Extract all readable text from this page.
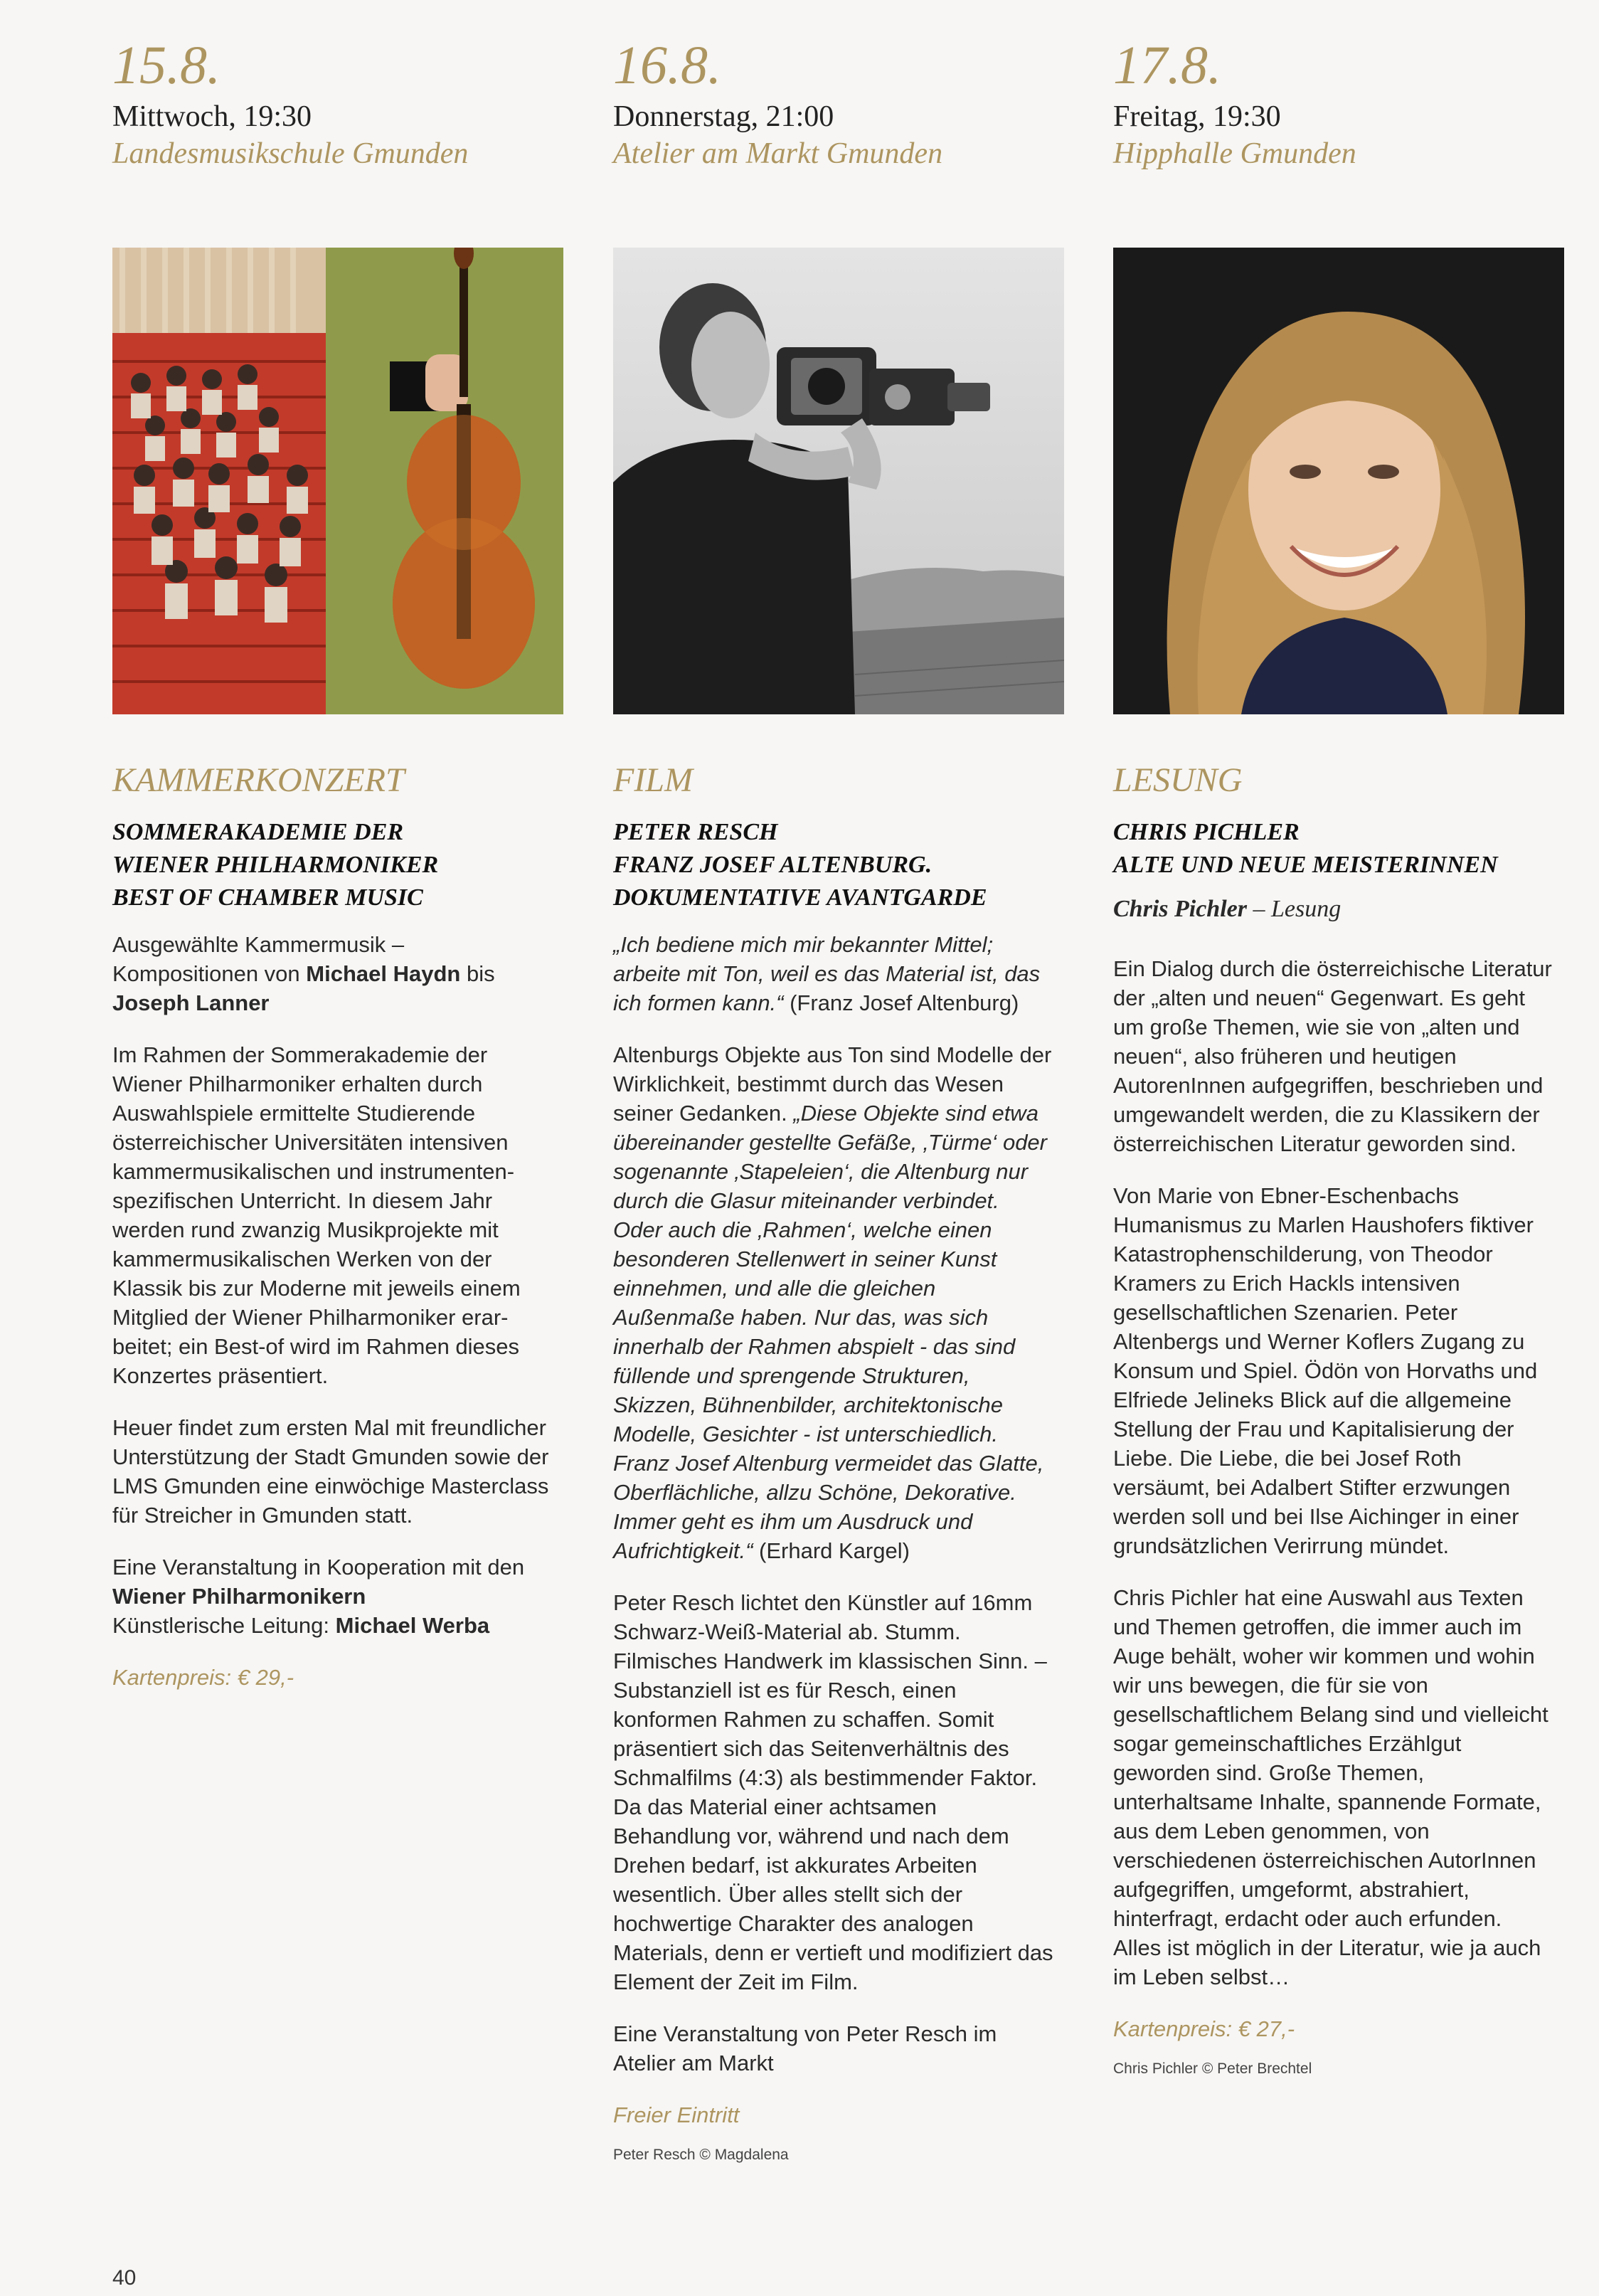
15.8.
Mittwoch, 19:30
Landesmusikschule Gmunden
KAMMERKONZERT
SOMMERAKADEMIE DER
WIENER PHILHARMONIKER
BEST OF CHAMBER MUSIC

Ausgewählte Kammermusik – Kompositionen von Michael Haydn bis Joseph Lanner

Im Rahmen der Sommerakademie der Wiener Philharmoniker erhalten durch Auswahlspiele ermittelte Studierende österreichischer Universitäten intensiven kammermusikalischen und instrumentenspezifischen Unterricht. In diesem Jahr werden rund zwanzig Musikprojekte mit kammermusikalischen Werken von der Klassik bis zur Moderne mit jeweils einem Mitglied der Wiener Philharmoniker erarbeitet; ein Best-of wird im Rahmen dieses Konzertes präsentiert.

Heuer findet zum ersten Mal mit freundlicher Unterstützung der Stadt Gmunden sowie der LMS Gmunden eine einwöchige Masterclass für Streicher in Gmunden statt.

Eine Veranstaltung in Kooperation mit den Wiener Philharmonikern
Künstlerische Leitung: Michael Werba

Kartenpreis: € 29,-
16.8.
Donnerstag, 21:00
Atelier am Markt Gmunden
FILM
PETER RESCH
FRANZ JOSEF ALTENBURG.
DOKUMENTATIVE AVANTGARDE

„Ich bediene mich mir bekannter Mittel; arbeite mit Ton, weil es das Material ist, das ich formen kann.“ (Franz Josef Altenburg)

Altenburgs Objekte aus Ton sind Modelle der Wirklichkeit, bestimmt durch das Wesen seiner Gedanken. „Diese Objekte sind etwa übereinander gestellte Gefäße, ‚Türme‘ oder sogenannte ‚Stapeleien‘, die Altenburg nur durch die Glasur miteinander verbindet. Oder auch die ‚Rahmen‘, welche einen besonderen Stellenwert in seiner Kunst einnehmen, und alle die gleichen Außenmaße haben. Nur das, was sich innerhalb der Rahmen abspielt - das sind füllende und sprengende Strukturen, Skizzen, Bühnenbilder, architektonische Modelle, Gesichter - ist unterschiedlich. Franz Josef Altenburg vermeidet das Glatte, Oberflächliche, allzu Schöne, Dekorative. Immer geht es ihm um Ausdruck und Aufrichtigkeit.“ (Erhard Kargel)

Peter Resch lichtet den Künstler auf 16mm Schwarz-Weiß-Material ab. Stumm. Filmisches Handwerk im klassischen Sinn. – Substanziell ist es für Resch, einen konformen Rahmen zu schaffen. Somit präsentiert sich das Seitenverhältnis des Schmalfilms (4:3) als bestimmender Faktor. Da das Material einer achtsamen Behandlung vor, während und nach dem Drehen bedarf, ist akkurates Arbeiten wesentlich. Über alles stellt sich der hochwertige Charakter des analogen Materials, denn er vertieft und modifiziert das Element der Zeit im Film.

Eine Veranstaltung von Peter Resch im Atelier am Markt

Freier Eintritt
Peter Resch © Magdalena
17.8.
Freitag, 19:30
Hipphalle Gmunden
LESUNG
CHRIS PICHLER
ALTE UND NEUE MEISTERINNEN
Chris Pichler – Lesung

Ein Dialog durch die österreichische Literatur der „alten und neuen“ Gegenwart. Es geht um große Themen, wie sie von „alten und neuen“, also früheren und heutigen AutorenInnen aufgegriffen, beschrieben und umgewandelt werden, die zu Klassikern der österreichischen Literatur geworden sind.

Von Marie von Ebner-Eschenbachs Humanismus zu Marlen Haushofers fiktiver Katastrophenschilderung, von Theodor Kramers zu Erich Hackls intensiven gesellschaftlichen Szenarien. Peter Altenbergs und Werner Koflers Zugang zu Konsum und Spiel. Ödön von Horvaths und Elfriede Jelineks Blick auf die allgemeine Stellung der Frau und Kapitalisierung der Liebe. Die Liebe, die bei Josef Roth versäumt, bei Adalbert Stifter erzwungen werden soll und bei Ilse Aichinger in einer grundsätzlichen Verirrung mündet.

Chris Pichler hat eine Auswahl aus Texten und Themen getroffen, die immer auch im Auge behält, woher wir kommen und wohin wir uns bewegen, die für sie von gesellschaftlichem Belang sind und vielleicht sogar gemeinschaftliches Erzählgut geworden sind. Große Themen, unterhaltsame Inhalte, spannende Formate, aus dem Leben genommen, von verschiedenen österreichischen AutorInnen aufgegriffen, umgeformt, abstrahiert, hinterfragt, erdacht oder auch erfunden. Alles ist möglich in der Literatur, wie ja auch im Leben selbst…

Kartenpreis: € 27,-
Chris Pichler © Peter Brechtel
40
